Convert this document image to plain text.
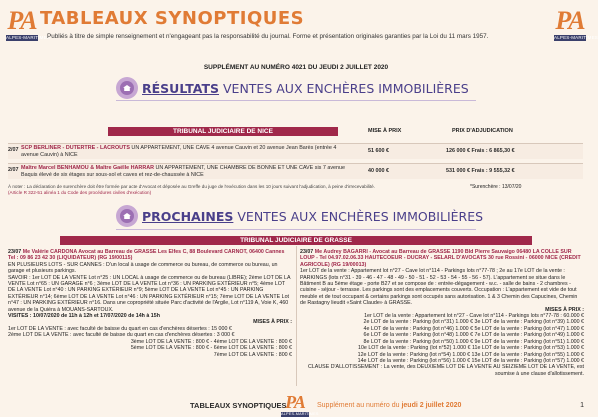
PA
ALPES-MARITIMES
TABLEAUX SYNOPTIQUES	PA
ALPES-MARITIMES
Publiés à titre de simple renseignement et n'engageant pas la responsabilité du journal. Forme et présentation originales garanties par la Loi du 11 mars 1957.
SUPPLÉMENT AU NUMÉRO 4021 DU JEUDI 2 JUILLET 2020
RÉSULTATS VENTES AUX ENCHÈRES IMMOBILIÈRES
TRIBUNAL JUDICIAIRE DE NICE	MISE À PRIX	PRIX D'ADJUDICATION
2/07 SCP BERLINER - DUTERTRE - LACROUTS UN APPARTEMENT, UNE CAVE 4 avenue Cauvin et 20 avenue Jean Barès (entrée 4 avenue Cauvin) à NICE
51 600 €	126 000 € Frais : 6 865,30 €
2/07 Maître Marcel BENHAMOU & Maître Gaëlle HARRAR UN APPARTEMENT, UNE CHAMBRE DE BONNE ET UNE CAVE sis 7 avenue Baquis élevé de six étages sur sous-sol et caves et rez-de-chaussée à NICE
40 000 €	531 000 € Frais : 9 555,32 €
À noter : La déclaration de surenchère doit être formée par acte d'Avocat et déposée au Greffe du juge de l'exécution dans les 10 jours suivant l'adjudication, à peine d'irrecevabilité.
(Article R 322-51 alinéa 1 du Code des procédures civiles d'exécution)
*Surenchère : 13/07/20
PROCHAINES VENTES AUX ENCHÈRES IMMOBILIÈRES
TRIBUNAL JUDICIAIRE DE GRASSE

23/07 Me Valérie CARDONA Avocat au Barreau de GRASSE Les Elfes C, 88 Boulevard CARNOT, 06400 Cannes Tel : 09 86 23 42 30 (LIQUIDATEUR) (RG 19/00115)

EN PLUSIEURS LOTS - SUR CANNES : D'un local à usage de commerce ou bureau, de commerce ou bureau, un garage et plusieurs parkings.

SAVOIR : 1er LOT DE LA VENTE Lot n°25 : UN LOCAL à usage de commerce ou de bureau (LIBRE); 2ème LOT DE LA VENTE Lot n°65 : UN GARAGE n°6 ; 3ème LOT DE LA VENTE Lot n°36 : UN PARKING EXTÉRIEUR n°5; 4ème LOT DE LA VENTE Lot n°40 : UN PARKING EXTÉRIEUR n°9; 5ème LOT DE LA VENTE Lot n°45 : UN PARKING EXTÉRIEUR n°14; 6ème LOT DE LA VENTE Lot n°46 : UN PARKING EXTÉRIEUR n°15; 7ème LOT DE LA VENTE Lot n°47 : UN PARKING EXTÉRIEUR n°16. Dans une copropriété située Parc d'activité de l'Argile, Lot n°119 A, Voie K, 460 avenue de la Quiéra à MOUANS-SARTOUX.

VISITES : 10/07/2020 de 11h à 12h et 17/07/2020 de 14h à 15h

MISES À PRIX :

1er LOT DE LA VENTE : avec faculté de baisse du quart en cas d'enchères désertes : 15 000 €

2ème LOT DE LA VENTE : avec faculté de baisse du quart en cas d'enchères désertes : 3 000 €

3ème LOT DE LA VENTE : 800 € - 4ème LOT DE LA VENTE : 800 €

5ème LOT DE LA VENTE : 800 € - 6ème LOT DE LA VENTE : 800 €

7ème LOT DE LA VENTE : 800 €

23/07 Me Audrey BAGARRI - Avocat au Barreau de GRASSE 1190 Bld Pierre Sauvaigo 06480 LA COLLE SUR LOUP - Tel 04.97.02.06.33 HAUTECOEUR - DUCRAY - SELARL D'AVOCATS 30 rue Rossini - 06000 NICE (CREDIT AGRICOLE) (RG 19/00013)

1er LOT de la vente : Appartement lot n°27 - Cave lot n°114 - Parkings lots n°77-78 ; 2e au 17e LOT de la vente : PARKINGS (lots n°31 - 39 - 46 - 47 - 48 - 49 - 50 - 51 - 52 - 53 - 54 - 55 - 56 - 57). L'appartement se situe dans le Bâtiment B au 5ème étage - porte B27 et se compose de : entrée-dégagement - w.c. - salle de bains - 2 chambres - cuisine - séjour - terrasse. Les parkings sont des emplacements couverts. Occupation : L'appartement est vide de tout meuble et de tout occupant & certains parkings sont occupés sans autorisation. 1 & 3 Chemin des Capucines, Chemin de Rastagny lieudit «Saint Claude» à GRASSE.

MISES À PRIX :

1er LOT de la vente : Appartement lot n°27 - Cave lot n°114 - Parkings lots n°77-78 : 60.000 €

2e LOT de la vente : Parking (lot n°31) 1.000 € 3e LOT de la vente : Parking (lot n°39) 1.000 €

4e LOT de la vente : Parking (lot n°46) 1.000 € 5e LOT de la vente : Parking (lot n°47) 1.000 €

6e LOT de la vente : Parking (lot n°48) 1.000 € 7e LOT de la vente : Parking (lot n°49) 1.000 €

8e LOT de la vente : Parking (lot n°50) 1.000 € 9e LOT de la vente : Parking (lot n°51) 1.000 €

10e LOT de la vente : Parking (lot n°52) 1.000 € 11e LOT de la vente : Parking (lot n°53) 1.000 €

12e LOT de la vente : Parking (lot n°54) 1.000 € 13e LOT de la vente : Parking (lot n°55) 1.000 €

14e LOT de la vente : Parking (lot n°56) 1.000 € 15e LOT de la vente : Parking (lot n°57) 1.000 €

CLAUSE D'ALLOTISSEMENT : La vente, des DEUXIEME LOT DE LA VENTE AU SEIZIEME LOT DE LA VENTE, est soumise à une clause d'allotissement.

TABLEAUX SYNOPTIQUES
PA
ALPES-MARITIMES
Supplément au numéro du jeudi 2 juillet 2020	1
